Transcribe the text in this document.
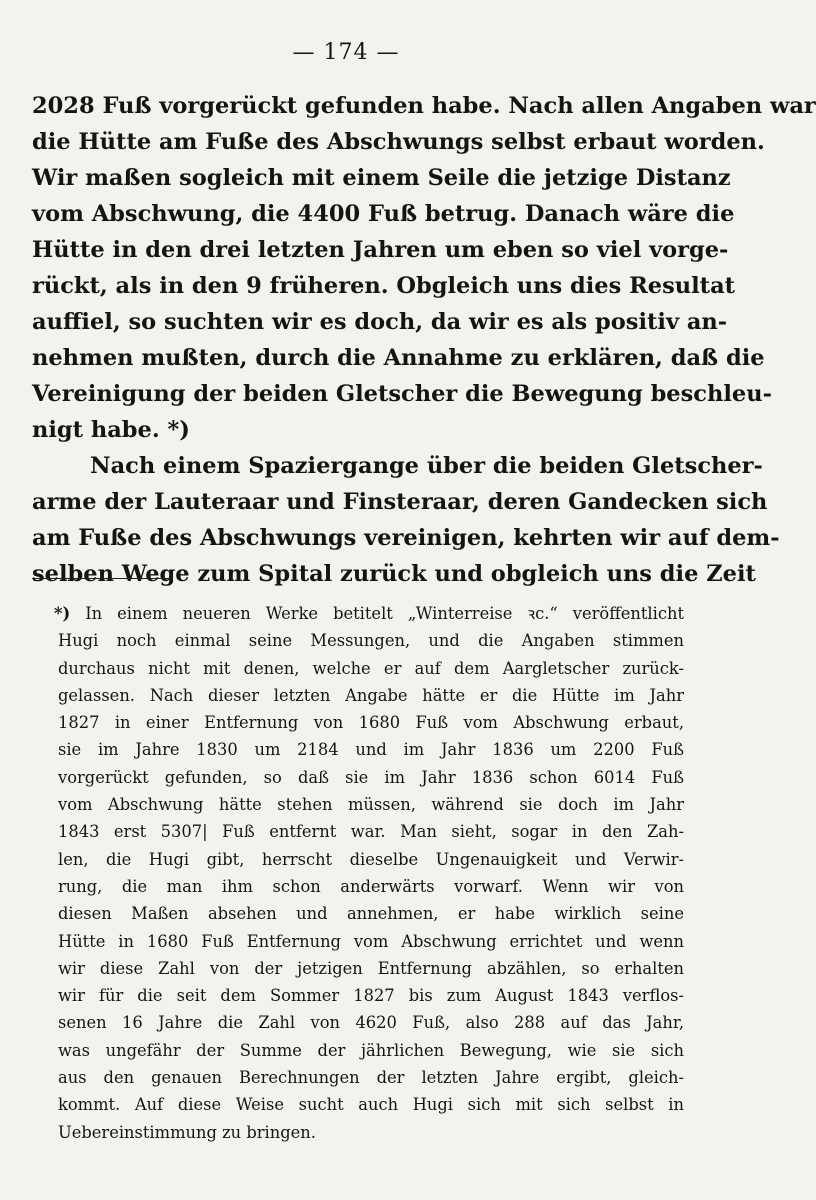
— 174 —
2028 Fuß vorgerückt gefunden habe. Nach allen Angaben war
die Hütte am Fuße des Abschwungs selbst erbaut worden.
Wir maßen sogleich mit einem Seile die jetzige Distanz
vom Abschwung, die 4400 Fuß betrug. Danach wäre die
Hütte in den drei letzten Jahren um eben so viel vorge-
rückt, als in den 9 früheren. Obgleich uns dies Resultat
auffiel, so suchten wir es doch, da wir es als positiv an-
nehmen mußten, durch die Annahme zu erklären, daß die
Vereinigung der beiden Gletscher die Bewegung beschleu-
nigt habe. *)
Nach einem Spaziergange über die beiden Gletscher-
arme der Lauteraar und Finsteraar, deren Gandecken sich
am Fuße des Abschwungs vereinigen, kehrten wir auf dem-
selben Wege zum Spital zurück und obgleich uns die Zeit
*) In einem neueren Werke betitelt „Winterreise ꝛc.“ veröffentlicht
Hugi noch einmal seine Messungen, und die Angaben stimmen
durchaus nicht mit denen, welche er auf dem Aargletscher zurück-
gelassen. Nach dieser letzten Angabe hätte er die Hütte im Jahr
1827 in einer Entfernung von 1680 Fuß vom Abschwung erbaut,
sie im Jahre 1830 um 2184 und im Jahr 1836 um 2200 Fuß
vorgerückt gefunden, so daß sie im Jahr 1836 schon 6014 Fuß
vom Abschwung hätte stehen müssen, während sie doch im Jahr
1843 erst 5307| Fuß entfernt war. Man sieht, sogar in den Zah-
len, die Hugi gibt, herrscht dieselbe Ungenauigkeit und Verwir-
rung, die man ihm schon anderwärts vorwarf. Wenn wir von
diesen Maßen absehen und annehmen, er habe wirklich seine
Hütte in 1680 Fuß Entfernung vom Abschwung errichtet und wenn
wir diese Zahl von der jetzigen Entfernung abzählen, so erhalten
wir für die seit dem Sommer 1827 bis zum August 1843 verflos-
senen 16 Jahre die Zahl von 4620 Fuß, also 288 auf das Jahr,
was ungefähr der Summe der jährlichen Bewegung, wie sie sich
aus den genauen Berechnungen der letzten Jahre ergibt, gleich-
kommt. Auf diese Weise sucht auch Hugi sich mit sich selbst in
Uebereinstimmung zu bringen.
